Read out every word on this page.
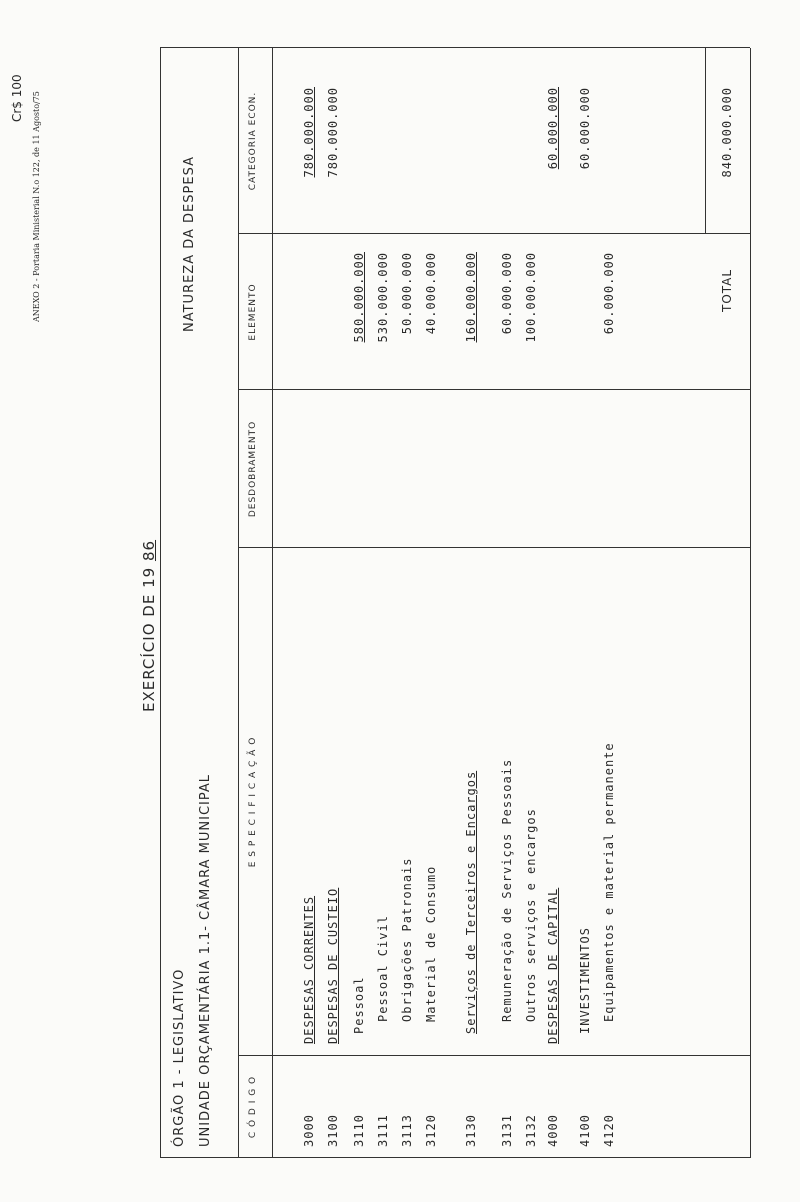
Cr$ 100 ANEXO 2 - Portaria Ministerial N.o 122, de 11 Agosto/75
EXERCÍCIO DE 19 86
ÓRGÃO 1 - LEGISLATIVO UNIDADE ORÇAMENTÁRIA 1.1- CÂMARA MUNICIPAL
NATUREZA DA DESPESA
C Ó D I G O
E S P E C I F I C A Ç Ã O
DESDOBRAMENTO
ELEMENTO
CATEGORIA ECON.
3000 3100 3110 3111 3113 3120 3130 3131 3132 4000 4100 4120
DESPESAS CORRENTES DESPESAS DE CUSTEIO Pessoal Pessoal Civil Obrigações Patronais Material de Consumo Serviços de Terceiros e Encargos Remuneração de Serviços Pessoais Outros serviços e encargos DESPESAS DE CAPITAL INVESTIMENTOS Equipamentos e material permanente
580.000.000 530.000.000 50.000.000 40.000.000 160.000.000 60.000.000 100.000.000	60.000.000
780.000.000 780.000.000	60.000.000 60.000.000
TOTAL
840.000.000
